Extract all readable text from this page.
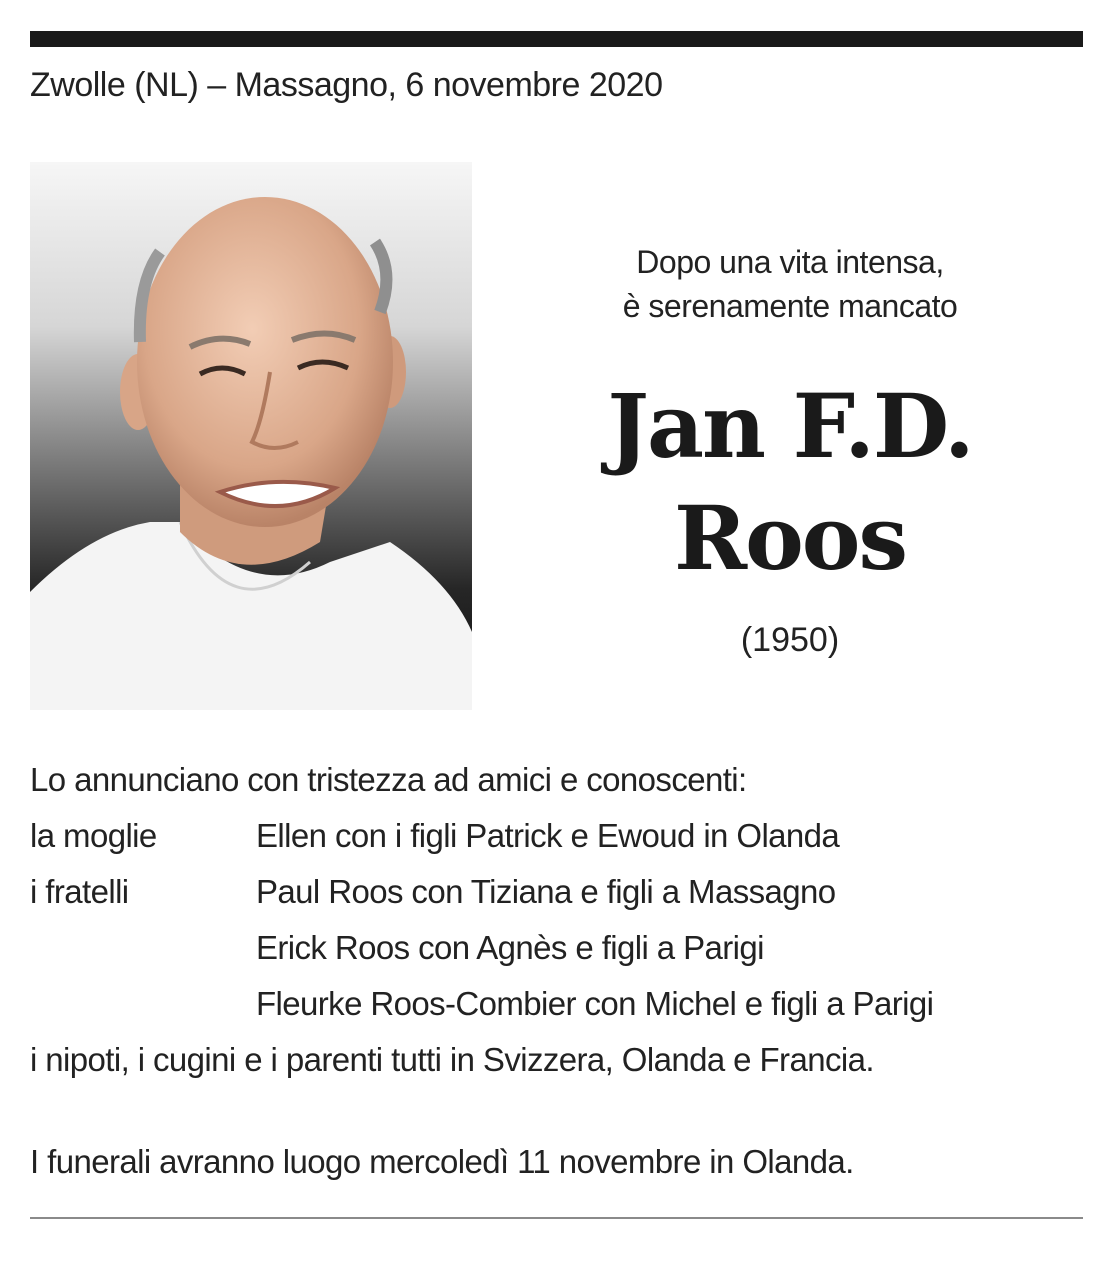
Zwolle (NL) – Massagno, 6 novembre 2020
Dopo una vita intensa,
è serenamente mancato
Jan F.D.
Roos
(1950)
Lo annunciano con tristezza ad amici e conoscenti:
la moglie	Ellen con i figli Patrick e Ewoud in Olanda
i fratelli	Paul Roos con Tiziana e figli a Massagno
Erick Roos con Agnès e figli a Parigi
Fleurke Roos-Combier con Michel e figli a Parigi
i nipoti, i cugini e i parenti tutti in Svizzera, Olanda e Francia.
I funerali avranno luogo mercoledì 11 novembre in Olanda.
